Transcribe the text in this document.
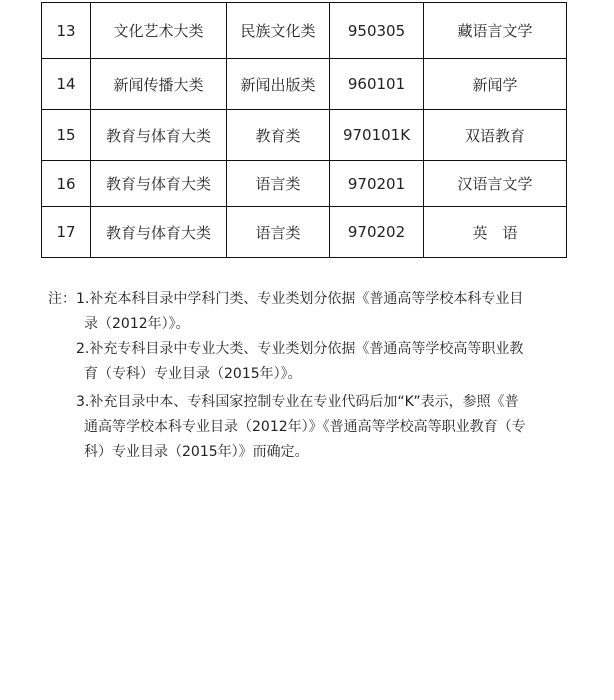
13	文化艺术大类	民族文化类	950305	藏语言文学
14	新闻传播大类	新闻出版类	960101	新闻学
15	教育与体育大类	教育类	970101K	双语教育
16	教育与体育大类	语言类	970201	汉语言文学
17	教育与体育大类	语言类	970202	英　语
注： 1.补充本科目录中学科门类、专业类划分依据《普通高等学校本科专业目
录（2012年）》。
2.补充专科目录中专业大类、专业类划分依据《普通高等学校高等职业教
育（专科）专业目录（2015年）》。
3.补充目录中本、专科国家控制专业在专业代码后加“K”表示，参照《普
通高等学校本科专业目录（2012年）》《普通高等学校高等职业教育（专
科）专业目录（2015年）》而确定。
